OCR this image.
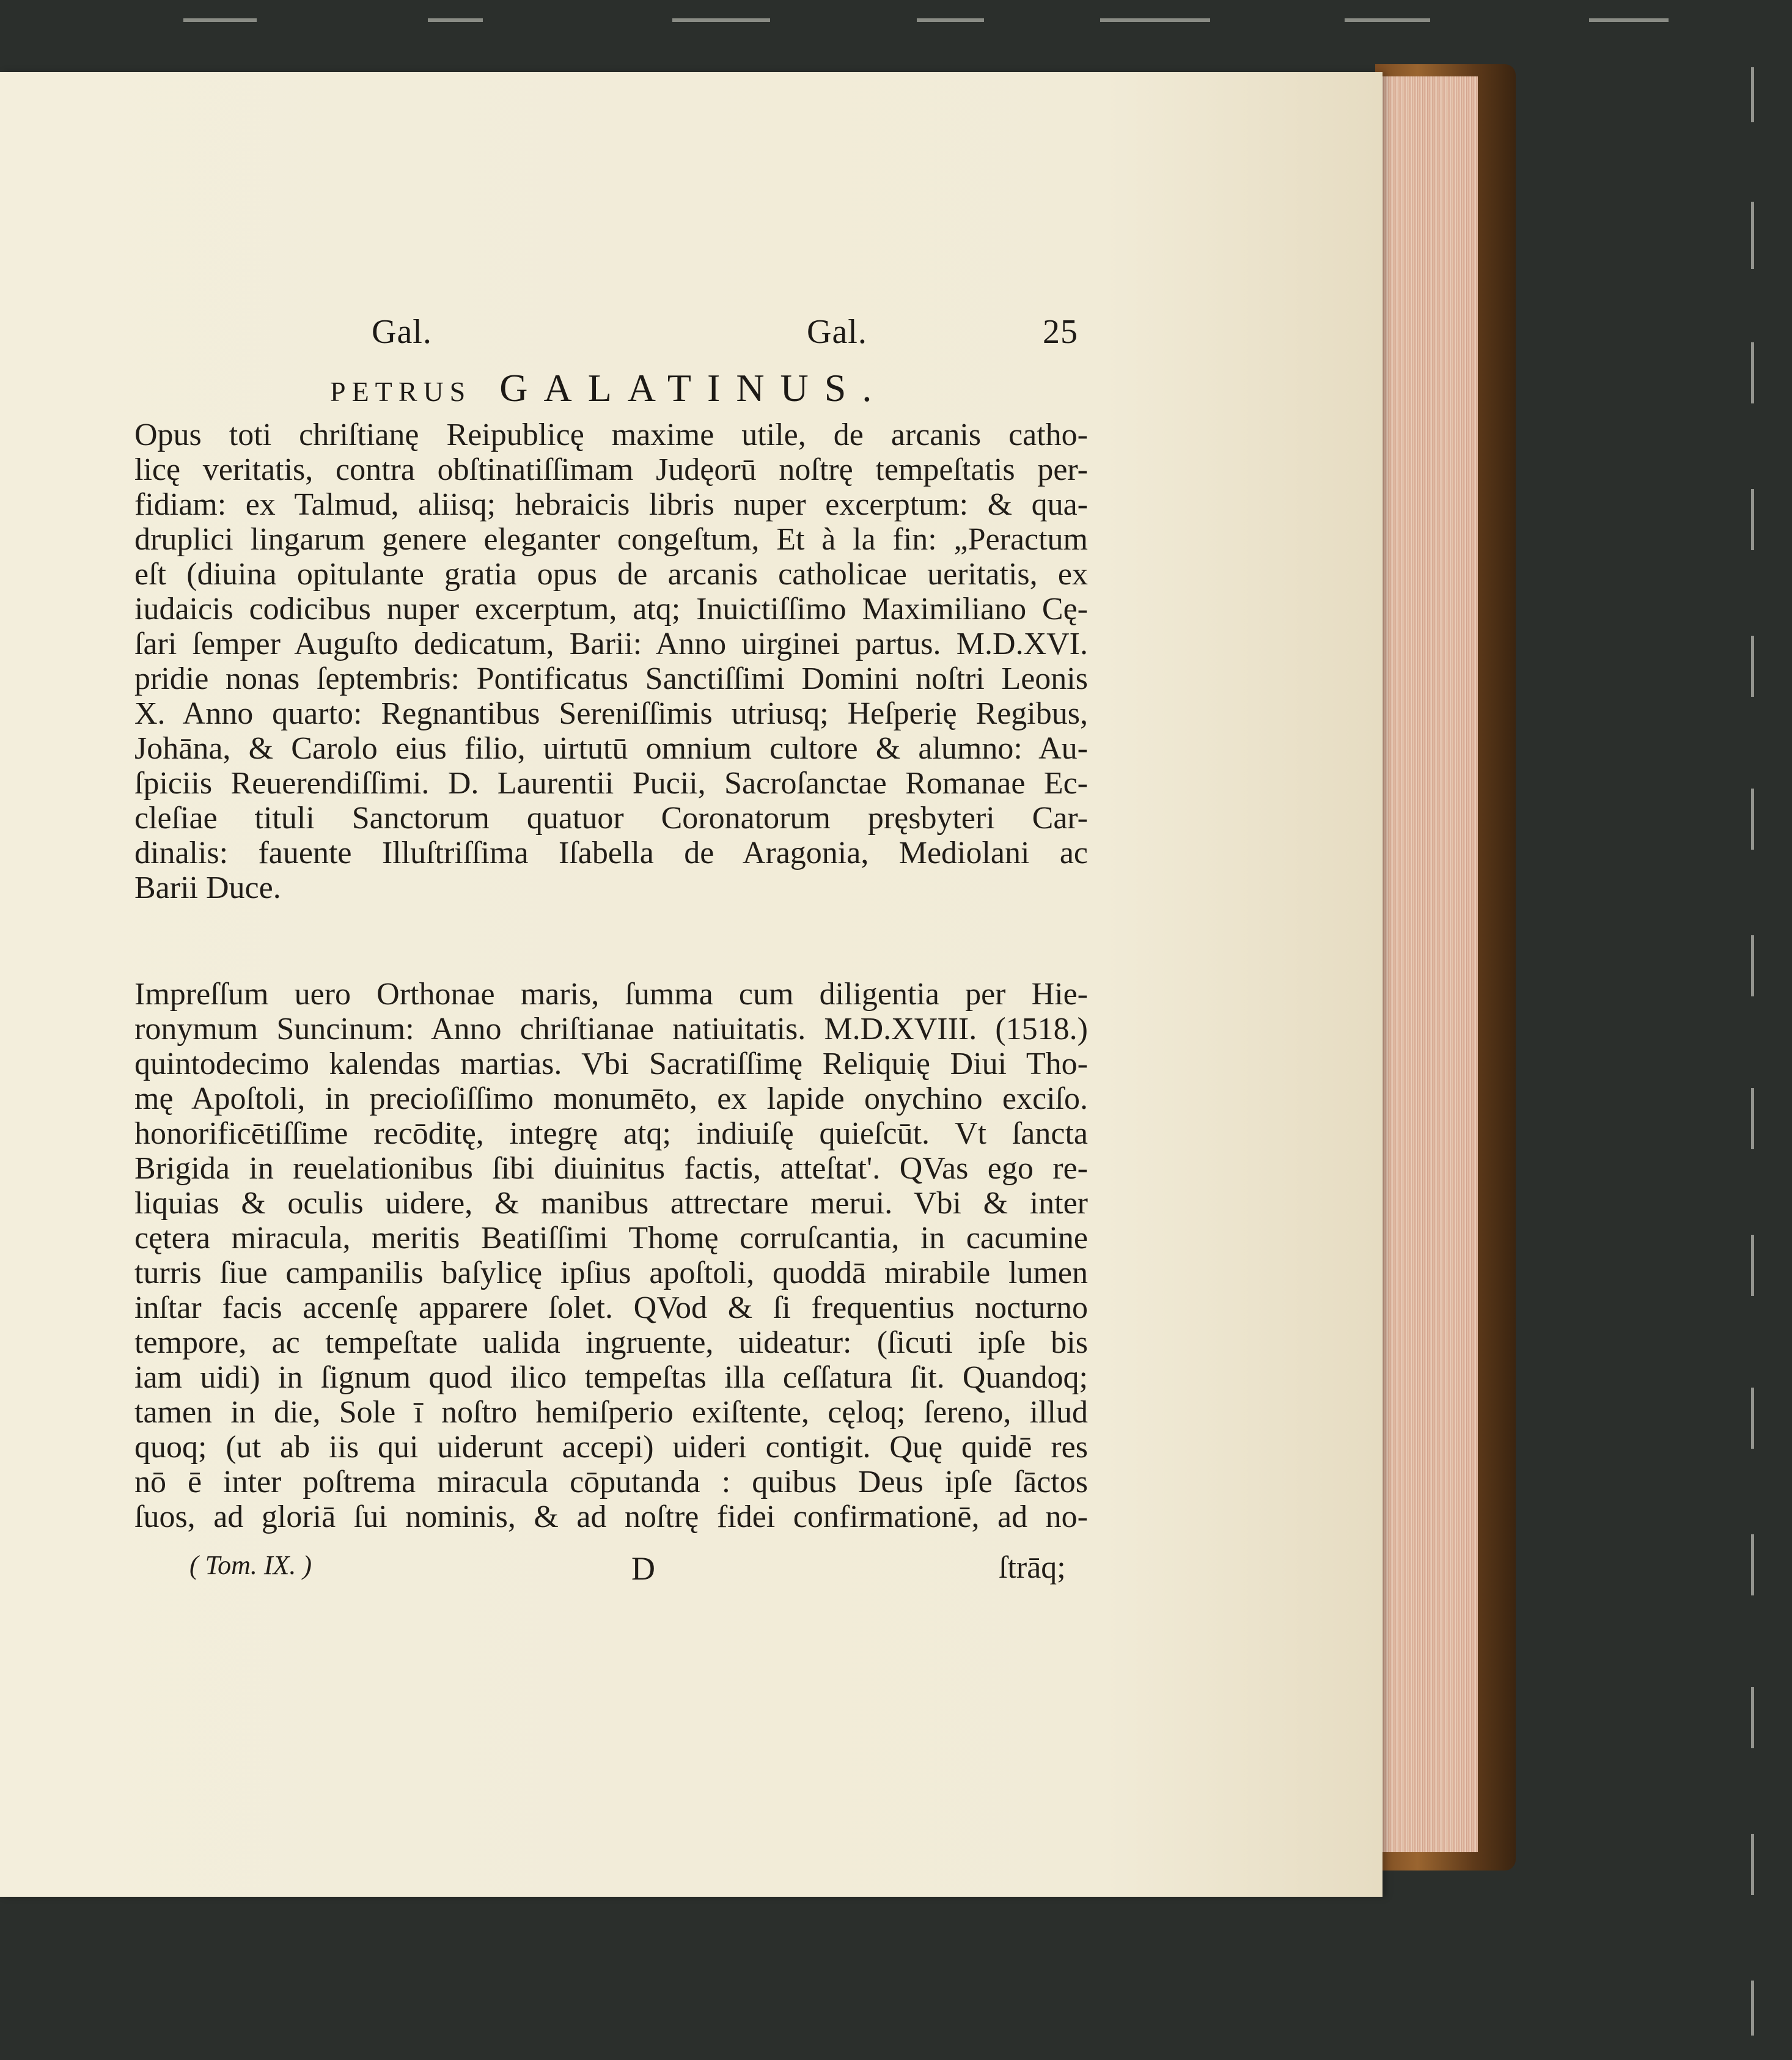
Gal.	Gal.	25
PETRUS GALATINUS.
Opus toti chriſtianę Reipublicę maxime utile, de arcanis catho-
licę veritatis, contra obſtinatiſſimam Judęorū noſtrę tempeſtatis per-
fidiam: ex Talmud, aliisq; hebraicis libris nuper excerptum: & qua-
druplici lingarum genere eleganter congeſtum, Et à la fin: „Peractum
eſt (diuina opitulante gratia opus de arcanis catholicae ueritatis, ex
iudaicis codicibus nuper excerptum, atq; Inuictiſſimo Maximiliano Cę-
ſari ſemper Auguſto dedicatum, Barii: Anno uirginei partus. M.D.XVI.
pridie nonas ſeptembris: Pontificatus Sanctiſſimi Domini noſtri Leonis
X. Anno quarto: Regnantibus Sereniſſimis utriusq; Heſperię Regibus,
Johāna, & Carolo eius filio, uirtutū omnium cultore & alumno: Au-
ſpiciis Reuerendiſſimi. D. Laurentii Pucii, Sacroſanctae Romanae Ec-
cleſiae tituli Sanctorum quatuor Coronatorum pręsbyteri Car-
dinalis: fauente Illuſtriſſima Iſabella de Aragonia, Mediolani ac
Barii Duce.
Impreſſum uero Orthonae maris, ſumma cum diligentia per Hie-
ronymum Suncinum: Anno chriſtianae natiuitatis. M.D.XVIII. (1518.)
quintodecimo kalendas martias. Vbi Sacratiſſimę Reliquię Diui Tho-
mę Apoſtoli, in precioſiſſimo monumēto, ex lapide onychino exciſo.
honorificētiſſime recōditę, integrę atq; indiuiſę quieſcūt. Vt ſancta
Brigida in reuelationibus ſibi diuinitus factis, atteſtat'. QVas ego re-
liquias & oculis uidere, & manibus attrectare merui. Vbi & inter
cętera miracula, meritis Beatiſſimi Thomę corruſcantia, in cacumine
turris ſiue campanilis baſylicę ipſius apoſtoli, quoddā mirabile lumen
inſtar facis accenſę apparere ſolet. QVod & ſi frequentius nocturno
tempore, ac tempeſtate ualida ingruente, uideatur: (ſicuti ipſe bis
iam uidi) in ſignum quod ilico tempeſtas illa ceſſatura ſit. Quandoq;
tamen in die, Sole ī noſtro hemiſperio exiſtente, cęloq; ſereno, illud
quoq; (ut ab iis qui uiderunt accepi) uideri contigit. Quę quidē res
nō ē inter poſtrema miracula cōputanda : quibus Deus ipſe ſāctos
ſuos, ad gloriā ſui nominis, & ad noſtrę fidei confirmationē, ad no-
( Tom. IX. )	D	ſtrāq;
